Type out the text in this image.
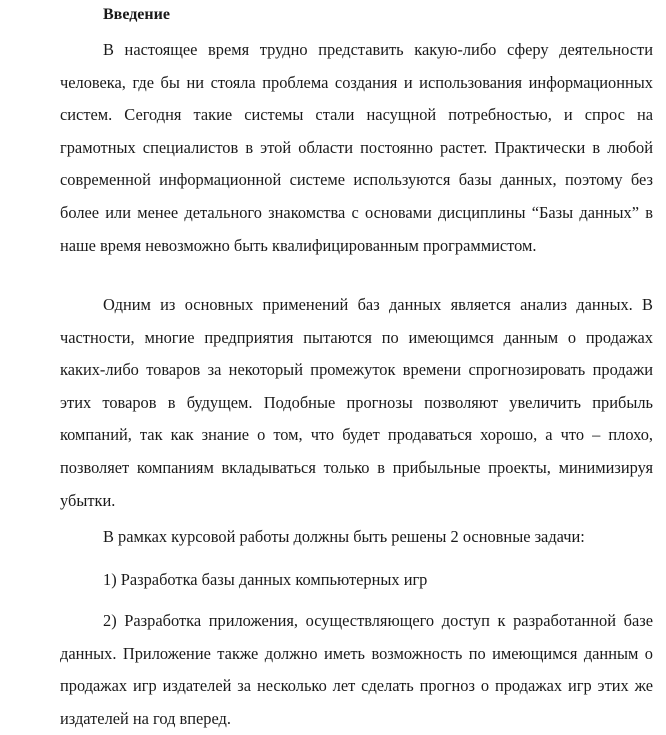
Введение

В настоящее время трудно представить какую-либо сферу деятельности человека, где бы ни стояла проблема создания и использования информационных систем. Сегодня такие системы стали насущной потребностью, и спрос на грамотных специалистов в этой области постоянно растет. Практически в любой современной информационной системе используются базы данных, поэтому без более или менее детального знакомства с основами дисциплины “Базы данных” в наше время невозможно быть квалифицированным программистом.

Одним из основных применений баз данных является анализ данных. В частности, многие предприятия пытаются по имеющимся данным о продажах каких-либо товаров за некоторый промежуток времени спрогнозировать продажи этих товаров в будущем. Подобные прогнозы позволяют увеличить прибыль компаний, так как знание о том, что будет продаваться хорошо, а что – плохо, позволяет компаниям вкладываться только в прибыльные проекты, минимизируя убытки.

В рамках курсовой работы должны быть решены 2 основные задачи:

1) Разработка базы данных компьютерных игр

2) Разработка приложения, осуществляющего доступ к разработанной базе данных. Приложение также должно иметь возможность по имеющимся данным о продажах игр издателей за несколько лет сделать прогноз о продажах игр этих же издателей на год вперед.
